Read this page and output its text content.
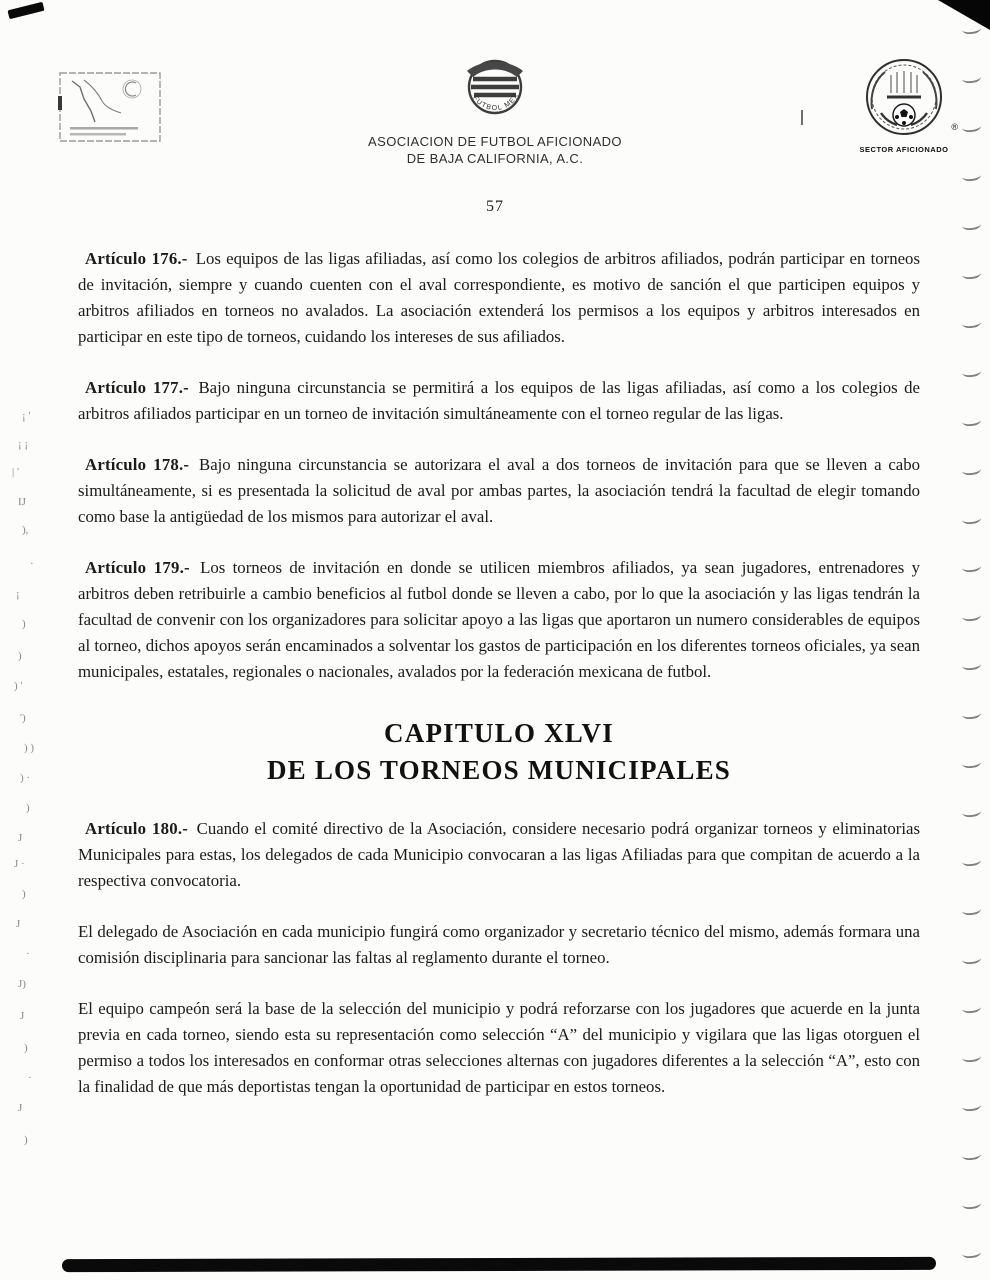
¡ '
¡ ¡
| '
IJ
),
·
¡
)
)
) '
')
) )
) ·
)
J
J ·
)
J
·
J)
J
)
·
J
)
FUTBOL MEX
ASOCIACION DE FUTBOL AFICIONADO
DE BAJA CALIFORNIA, A.C.
®
SECTOR AFICIONADO
57

Artículo 176.- Los equipos de las ligas afiliadas, así como los colegios de arbitros afiliados, podrán participar en torneos de invitación, siempre y cuando cuenten con el aval correspondiente, es motivo de sanción el que participen equipos y arbitros afiliados en torneos no avalados. La asociación extenderá los permisos a los equipos y arbitros interesados en participar en este tipo de torneos, cuidando los intereses de sus afiliados.

Artículo 177.- Bajo ninguna circunstancia se permitirá a los equipos de las ligas afiliadas, así como a los colegios de arbitros afiliados participar en un torneo de invitación simultáneamente con el torneo regular de las ligas.

Artículo 178.- Bajo ninguna circunstancia se autorizara el aval a dos torneos de invitación para que se lleven a cabo simultáneamente, si es presentada la solicitud de aval por ambas partes, la asociación tendrá la facultad de elegir tomando como base la antigüedad de los mismos para autorizar el aval.

Artículo 179.- Los torneos de invitación en donde se utilicen miembros afiliados, ya sean jugadores, entrenadores y arbitros deben retribuirle a cambio beneficios al futbol donde se lleven a cabo, por lo que la asociación y las ligas tendrán la facultad de convenir con los organizadores para solicitar apoyo a las ligas que aportaron un numero considerables de equipos al torneo, dichos apoyos serán encaminados a solventar los gastos de participación en los diferentes torneos oficiales, ya sean municipales, estatales, regionales o nacionales, avalados por la federación mexicana de futbol.

CAPITULO XLVI
DE LOS TORNEOS MUNICIPALES

Artículo 180.- Cuando el comité directivo de la Asociación, considere necesario podrá organizar torneos y eliminatorias Municipales para estas, los delegados de cada Municipio convocaran a las ligas Afiliadas para que compitan de acuerdo a la respectiva convocatoria.

El delegado de Asociación en cada municipio fungirá como organizador y secretario técnico del mismo, además formara una comisión disciplinaria para sancionar las faltas al reglamento durante el torneo.

El equipo campeón será la base de la selección del municipio y podrá reforzarse con los jugadores que acuerde en la junta previa en cada torneo, siendo esta su representación como selección “A” del municipio y vigilara que las ligas otorguen el permiso a todos los interesados en conformar otras selecciones alternas con jugadores diferentes a la selección “A”, esto con la finalidad de que más deportistas tengan la oportunidad de participar en estos torneos.
